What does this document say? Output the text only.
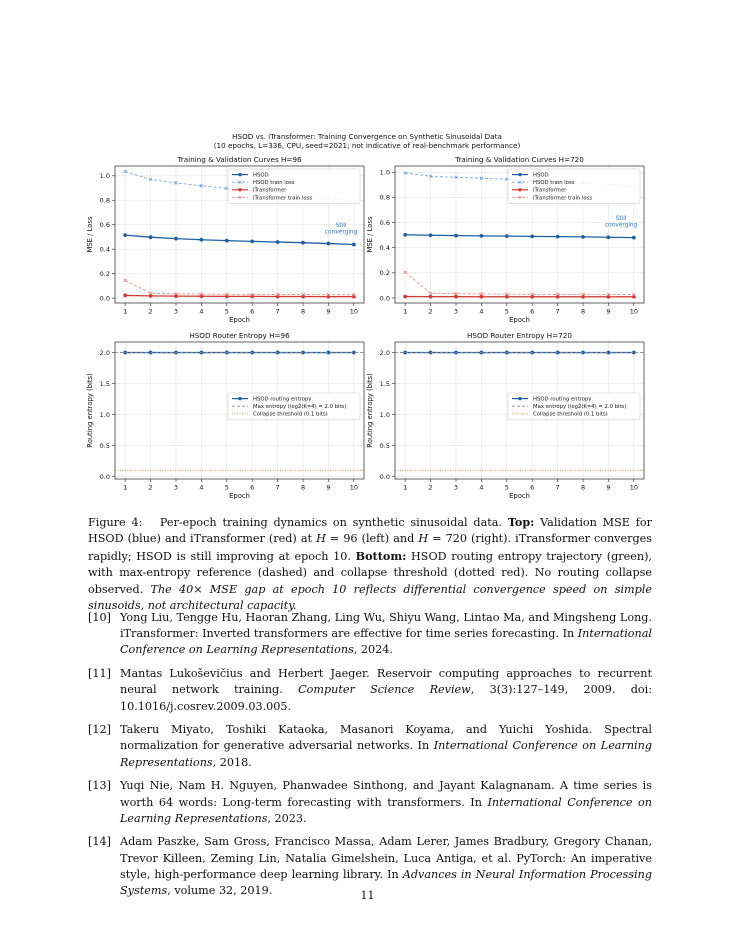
HSOD vs. iTransformer: Training Convergence on Synthetic Sinusoidal Data
(10 epochs, L=336, CPU, seed=2021; not indicative of real-benchmark performance)
0.0
0.2
0.4
0.6
0.8
1.0
1	2	3	4	5	6	7	8	9	10
Training & Validation Curves H=96
Epoch
MSE / Loss	Still
converging
HSOD
HSOD train loss
iTransformer
iTransformer train loss
0.0
0.2
0.4
0.6
0.8
1.0
1	2	3	4	5	6	7	8	9	10
Training & Validation Curves H=720
Epoch
MSE / Loss	Still
converging
HSOD
HSOD train loss
iTransformer
iTransformer train loss
0.0
0.5
1.0
1.5
2.0
1	2	3	4	5	6	7	8	9	10
HSOD Router Entropy H=96
Epoch
Routing entropy (bits)	HSOD routing entropy
Max entropy (log2(K=4) = 2.0 bits)
Collapse threshold (0.1 bits)
0.0
0.5
1.0
1.5
2.0
1	2	3	4	5	6	7	8	9	10
HSOD Router Entropy H=720
Epoch
Routing entropy (bits)	HSOD routing entropy
Max entropy (log2(K=4) = 2.0 bits)
Collapse threshold (0.1 bits)
Figure 4: Per-epoch training dynamics on synthetic sinusoidal data. Top: Validation MSE for HSOD (blue) and iTransformer (red) at H = 96 (left) and H = 720 (right). iTransformer converges rapidly; HSOD is still improving at epoch 10. Bottom: HSOD routing entropy trajectory (green), with max-entropy reference (dashed) and collapse threshold (dotted red). No routing collapse observed. The 40× MSE gap at epoch 10 reflects differential convergence speed on simple sinusoids, not architectural capacity.
[10] Yong Liu, Tengge Hu, Haoran Zhang, Ling Wu, Shiyu Wang, Lintao Ma, and Mingsheng Long. iTransformer: Inverted transformers are effective for time series forecasting. In International Conference on Learning Representations, 2024.
[11] Mantas Lukoševičius and Herbert Jaeger. Reservoir computing approaches to recurrent neural network training. Computer Science Review, 3(3):127–149, 2009. doi: 10.1016/j.cosrev.2009.03.005.
[12] Takeru Miyato, Toshiki Kataoka, Masanori Koyama, and Yuichi Yoshida. Spectral normalization for generative adversarial networks. In International Conference on Learning Representations, 2018.
[13] Yuqi Nie, Nam H. Nguyen, Phanwadee Sinthong, and Jayant Kalagnanam. A time series is worth 64 words: Long-term forecasting with transformers. In International Conference on Learning Representations, 2023.
[14] Adam Paszke, Sam Gross, Francisco Massa, Adam Lerer, James Bradbury, Gregory Chanan, Trevor Killeen, Zeming Lin, Natalia Gimelshein, Luca Antiga, et al. PyTorch: An imperative style, high-performance deep learning library. In Advances in Neural Information Processing Systems, volume 32, 2019.	11
